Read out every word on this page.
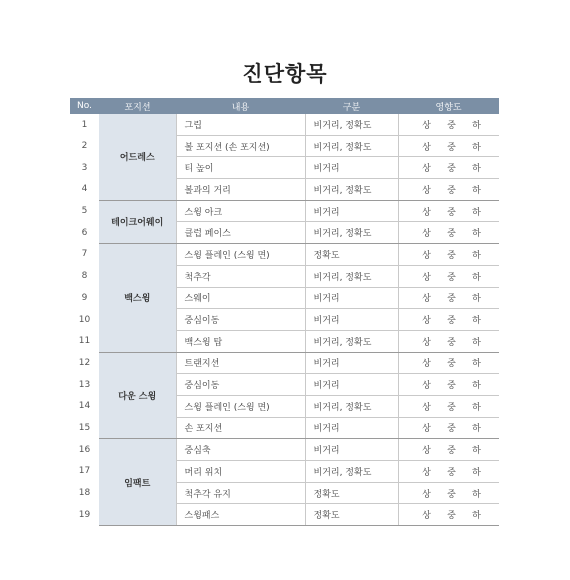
진단항목
No.	포지션	내용	구분	영향도
1	어드레스	그립	비거리, 정확도	상 중 하

2		볼 포지션 (손 포지션)	비거리, 정확도	상 중 하

3		티 높이	비거리	상 중 하

4		볼과의 거리	비거리, 정확도	상 중 하

5	테이크어웨이	스윙 아크	비거리	상 중 하

6		클럽 페이스	비거리, 정확도	상 중 하

7	백스윙	스윙 플레인 (스윙 면)	정확도	상 중 하

8		척추각	비거리, 정확도	상 중 하

9		스웨이	비거리	상 중 하

10		중심이동	비거리	상 중 하

11		백스윙 탑	비거리, 정확도	상 중 하

12	다운 스윙	트랜지션	비거리	상 중 하

13		중심이동	비거리	상 중 하

14		스윙 플레인 (스윙 면)	비거리, 정확도	상 중 하

15		손 포지션	비거리	상 중 하

16	임팩트	중심축	비거리	상 중 하

17		머리 위치	비거리, 정확도	상 중 하

18		척추각 유지	정확도	상 중 하

19		스윙패스	정확도	상 중 하
